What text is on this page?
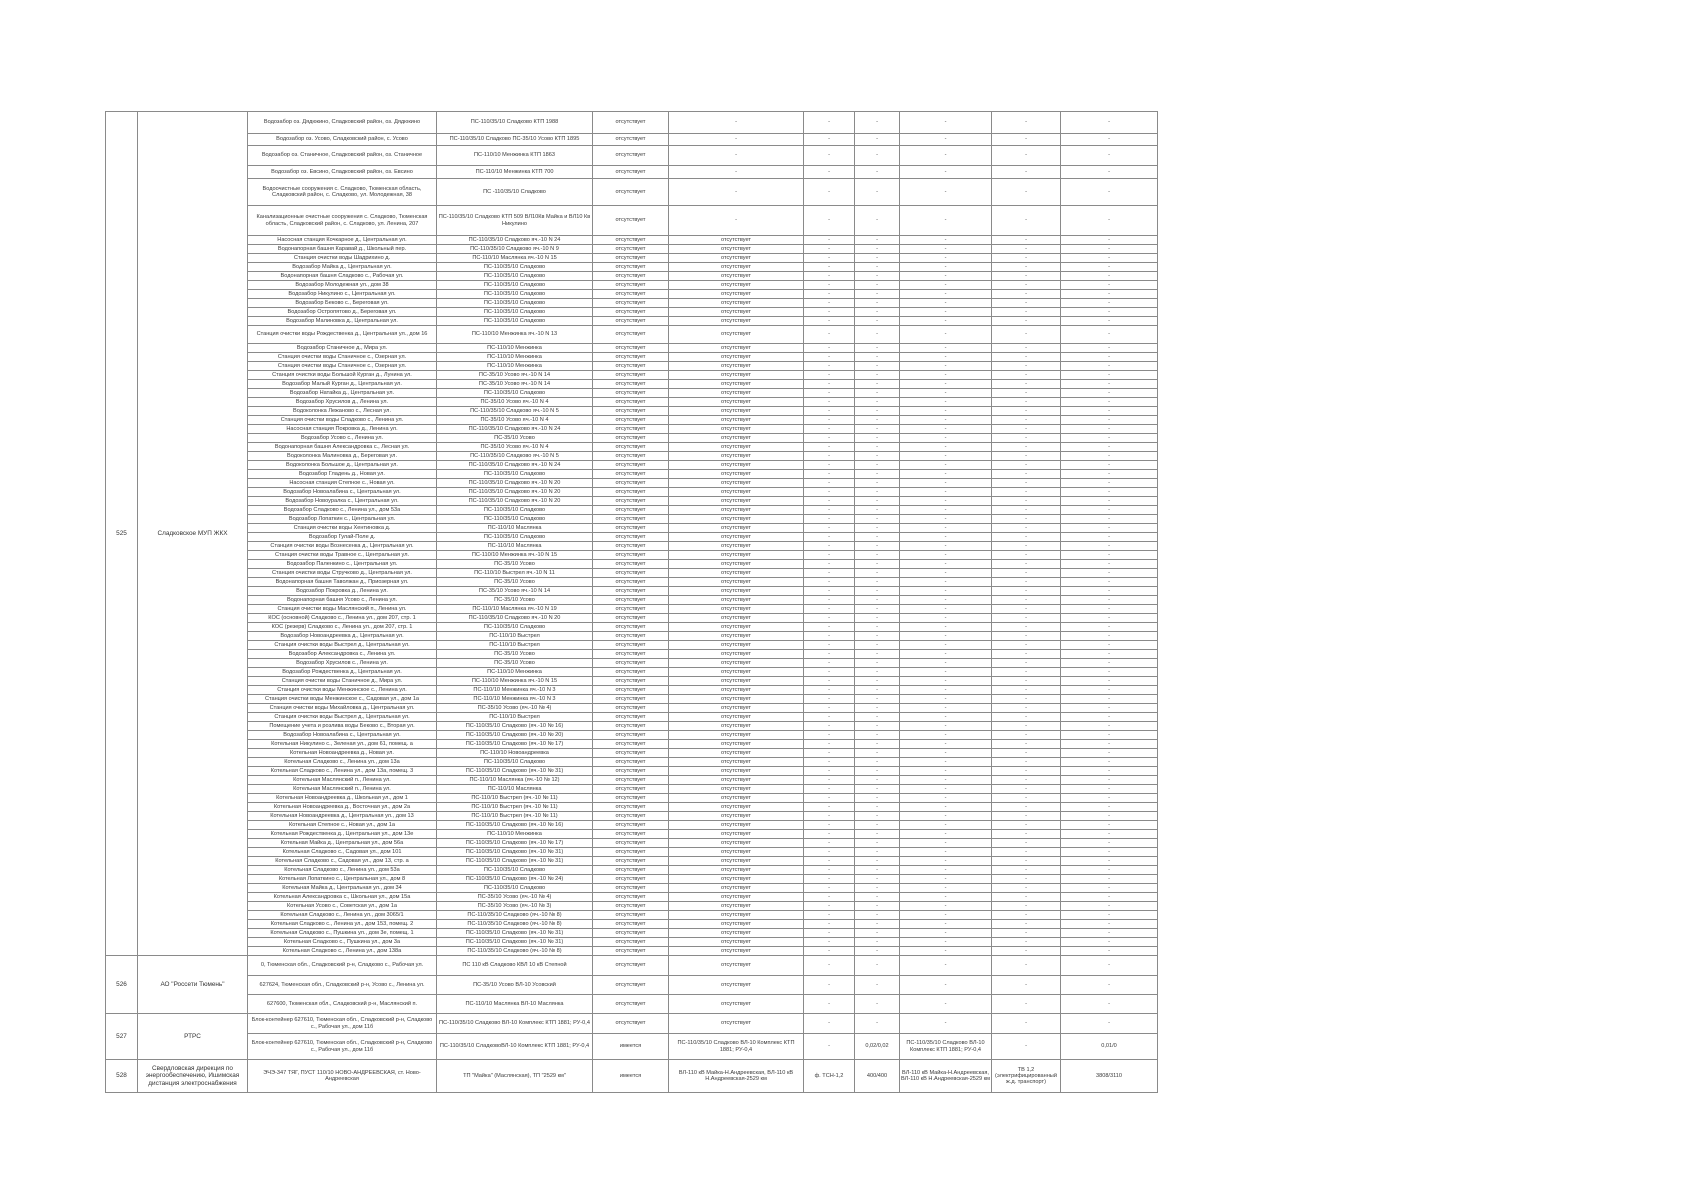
525	Сладковское МУП ЖКХ	Водозабор оз. Дядюкино, Сладковский район, оз. Дядюкино	ПС-110/35/10 Сладково КТП 1988	отсутствует	-	-	-	-	-	-
		Водозабор оз. Усово, Сладковский район, с. Усово	ПС-110/35/10 Сладково ПС-35/10 Усово КТП 1895	отсутствует	-	-	-	-	-	-
		Водозабор оз. Станичное, Сладковский район, оз. Станичное	ПС-110/10 Менжинка КТП 1863	отсутствует	-	-	-	-	-	-
		Водозабор оз. Евсино, Сладковский район, оз. Евсино	ПС-110/10 Менжинка КТП 700	отсутствует	-	-	-	-	-	-
		Водоочистные сооружения с. Сладково, Тюменская область, Сладковский район, с. Сладково, ул. Молодежная, 38	ПС -110/35/10 Сладково	отсутствует	-	-	-	-	-	-
		Канализационные очистные сооружения с. Сладково, Тюменская область, Сладковский район, с. Сладково, ул. Ленина, 207	ПС-110/35/10 Сладково КТП 509 ВЛ10Кв Майка и ВЛ10 Кв Никулино	отсутствует	-	-	-	-	-	-
		Насосная станция Кочкарное д., Центральная ул.	ПС-110/35/10 Сладково яч.-10 N 24	отсутствует	отсутствует	-	-	-	-	-
		Водонапорная башня Каравай д., Школьный пер.	ПС-110/35/10 Сладково яч.-10 N 9	отсутствует	отсутствует	-	-	-	-	-
		Станция очистки воды Шадрихино д.	ПС-110/10 Маслянка яч.-10 N 15	отсутствует	отсутствует	-	-	-	-	-
		Водозабор Майка д., Центральная ул.	ПС-110/35/10 Сладково	отсутствует	отсутствует	-	-	-	-	-
		Водонапорная башня Сладково с., Рабочая ул.	ПС-110/35/10 Сладково	отсутствует	отсутствует	-	-	-	-	-
		Водозабор Молодежная ул., дом 38	ПС-110/35/10 Сладково	отсутствует	отсутствует	-	-	-	-	-
		Водозабор Никулино с., Центральная ул.	ПС-110/35/10 Сладково	отсутствует	отсутствует	-	-	-	-	-
		Водозабор Беково с., Береговая ул.	ПС-110/35/10 Сладково	отсутствует	отсутствует	-	-	-	-	-
		Водозабор Остропятово д., Береговая ул.	ПС-110/35/10 Сладково	отсутствует	отсутствует	-	-	-	-	-
		Водозабор Малиновка д., Центральная ул.	ПС-110/35/10 Сладково	отсутствует	отсутствует	-	-	-	-	-
		Станция очистки воды Рождественка д., Центральная ул., дом 16	ПС-110/10 Менжинка яч.-10 N 13	отсутствует	отсутствует	-	-	-	-	-
		Водозабор Станичное д., Мира ул.	ПС-110/10 Менжинка	отсутствует	отсутствует	-	-	-	-	-
		Станция очистки воды Станичное с., Озерная ул.	ПС-110/10 Менжинка	отсутствует	отсутствует	-	-	-	-	-
		Станция очистки воды Станичное с., Озерная ул.	ПС-110/10 Менжинка	отсутствует	отсутствует	-	-	-	-	-
		Станция очистки воды Большой Курган д., Лунина ул.	ПС-35/10 Усово яч.-10 N 14	отсутствует	отсутствует	-	-	-	-	-
		Водозабор Малый Курган д., Центральная ул.	ПС-35/10 Усово яч.-10 N 14	отсутствует	отсутствует	-	-	-	-	-
		Водозабор Натайка д., Центральная ул.	ПС-110/35/10 Сладково	отсутствует	отсутствует	-	-	-	-	-
		Водозабор Хрусилов д., Ленина ул.	ПС-35/10 Усово яч.-10 N 4	отсутствует	отсутствует	-	-	-	-	-
		Водоколонка Лежаново с., Лесная ул.	ПС-110/35/10 Сладково яч.-10 N 5	отсутствует	отсутствует	-	-	-	-	-
		Станция очистки воды Сладково с., Ленина ул.	ПС-35/10 Усово яч.-10 N 4	отсутствует	отсутствует	-	-	-	-	-
		Насосная станция Покровка д., Ленина ул.	ПС-110/35/10 Сладково яч.-10 N 24	отсутствует	отсутствует	-	-	-	-	-
		Водозабор Усово с., Ленина ул.	ПС-35/10 Усово	отсутствует	отсутствует	-	-	-	-	-
		Водонапорная башня Александровка с., Лесная ул.	ПС-35/10 Усово яч.-10 N 4	отсутствует	отсутствует	-	-	-	-	-
		Водоколонка Малиновка д., Береговая ул.	ПС-110/35/10 Сладково яч.-10 N 5	отсутствует	отсутствует	-	-	-	-	-
		Водоколонка Большое д., Центральная ул.	ПС-110/35/10 Сладково яч.-10 N 24	отсутствует	отсутствует	-	-	-	-	-
		Водозабор Гладень д., Новая ул.	ПС-110/35/10 Сладково	отсутствует	отсутствует	-	-	-	-	-
		Насосная станция Степное с., Новая ул.	ПС-110/35/10 Сладково яч.-10 N 20	отсутствует	отсутствует	-	-	-	-	-
		Водозабор Новоалабина с., Центральная ул.	ПС-110/35/10 Сладково яч.-10 N 20	отсутствует	отсутствует	-	-	-	-	-
		Водозабор Новоуралка с., Центральная ул.	ПС-110/35/10 Сладково яч.-10 N 20	отсутствует	отсутствует	-	-	-	-	-
		Водозабор Сладково с., Ленина ул., дом 53а	ПС-110/35/10 Сладково	отсутствует	отсутствует	-	-	-	-	-
		Водозабор Лопаткин с., Центральная ул.	ПС-110/35/10 Сладково	отсутствует	отсутствует	-	-	-	-	-
		Станция очистки воды Хентиновка д.	ПС-110/10 Маслянка	отсутствует	отсутствует	-	-	-	-	-
		Водозабор Гулай-Поле д.	ПС-110/35/10 Сладково	отсутствует	отсутствует	-	-	-	-	-
		Станция очистки воды Вознесенка д., Центральная ул.	ПС-110/10 Маслянка	отсутствует	отсутствует	-	-	-	-	-
		Станция очистки воды Травное с., Центральная ул.	ПС-110/10 Менжинка яч.-10 N 15	отсутствует	отсутствует	-	-	-	-	-
		Водозабор Паленкино с., Центральная ул.	ПС-35/10 Усово	отсутствует	отсутствует	-	-	-	-	-
		Станция очистки воды Стручково д., Центральная ул.	ПС-110/10 Выстрел яч.-10 N 11	отсутствует	отсутствует	-	-	-	-	-
		Водонапорная башня Таволжан д., Приозерная ул.	ПС-35/10 Усово	отсутствует	отсутствует	-	-	-	-	-
		Водозабор Покровка д., Ленина ул.	ПС-35/10 Усово яч.-10 N 14	отсутствует	отсутствует	-	-	-	-	-
		Водонапорная башня Усово с., Ленина ул.	ПС-35/10 Усово	отсутствует	отсутствует	-	-	-	-	-
		Станция очистки воды Маслянский п., Ленина ул.	ПС-110/10 Маслянка яч.-10 N 19	отсутствует	отсутствует	-	-	-	-	-
		КОС (основной) Сладково с., Ленина ул., дом 207, стр. 1	ПС-110/35/10 Сладково яч.-10 N 20	отсутствует	отсутствует	-	-	-	-	-
		КОС (резерв) Сладково с., Ленина ул., дом 207, стр. 1	ПС-110/35/10 Сладково	отсутствует	отсутствует	-	-	-	-	-
		Водозабор Новоандреевка д., Центральная ул.	ПС-110/10 Выстрел	отсутствует	отсутствует	-	-	-	-	-
		Станция очистки воды Выстрел д., Центральная ул.	ПС-110/10 Выстрел	отсутствует	отсутствует	-	-	-	-	-
		Водозабор Александровка с., Ленина ул.	ПС-35/10 Усово	отсутствует	отсутствует	-	-	-	-	-
		Водозабор Хрусилов с., Ленина ул.	ПС-35/10 Усово	отсутствует	отсутствует	-	-	-	-	-
		Водозабор Рождественка д., Центральная ул.	ПС-110/10 Менжинка	отсутствует	отсутствует	-	-	-	-	-
		Станция очистки воды Станичное д., Мира ул.	ПС-110/10 Менжинка яч.-10 N 15	отсутствует	отсутствует	-	-	-	-	-
		Станция очистки воды Менжинское с., Ленина ул.	ПС-110/10 Менжинка яч.-10 N 3	отсутствует	отсутствует	-	-	-	-	-
		Станция очистки воды Менжинское с., Садовая ул., дом 1а	ПС-110/10 Менжинка яч.-10 N 3	отсутствует	отсутствует	-	-	-	-	-
		Станция очистки воды Михайловка д., Центральная ул.	ПС-35/10 Усово (яч.-10 № 4)	отсутствует	отсутствует	-	-	-	-	-
		Станция очистки воды Выстрел д., Центральная ул.	ПС-110/10 Выстрел	отсутствует	отсутствует	-	-	-	-	-
		Помещение учета и розлива воды Беково с., Вторая ул.	ПС-110/35/10 Сладково (яч.-10 № 16)	отсутствует	отсутствует	-	-	-	-	-
		Водозабор Новоалабина с., Центральная ул.	ПС-110/35/10 Сладково (яч.-10 № 20)	отсутствует	отсутствует	-	-	-	-	-
		Котельная Никулино с., Зеленая ул., дом 61, помещ. а	ПС-110/35/10 Сладково (яч.-10 № 17)	отсутствует	отсутствует	-	-	-	-	-
		Котельная Новоандреевка д., Новая ул.	ПС-110/10 Новоандреевка	отсутствует	отсутствует	-	-	-	-	-
		Котельная Сладково с., Ленина ул., дом 13а	ПС-110/35/10 Сладково	отсутствует	отсутствует	-	-	-	-	-
		Котельная Сладково с., Ленина ул., дом 13а, помещ. 3	ПС-110/35/10 Сладково (яч.-10 № 31)	отсутствует	отсутствует	-	-	-	-	-
		Котельная Маслянский п., Ленина ул.	ПС-110/10 Маслянка (яч.-10 № 12)	отсутствует	отсутствует	-	-	-	-	-
		Котельная Маслянский п., Ленина ул.	ПС-110/10 Маслянка	отсутствует	отсутствует	-	-	-	-	-
		Котельная Новоандреевка д., Школьная ул., дом 1	ПС-110/10 Выстрел (яч.-10 № 11)	отсутствует	отсутствует	-	-	-	-	-
		Котельная Новоандреевка д., Восточная ул., дом 2а	ПС-110/10 Выстрел (яч.-10 № 11)	отсутствует	отсутствует	-	-	-	-	-
		Котельная Новоандреевка д., Центральная ул., дом 13	ПС-110/10 Выстрел (яч.-10 № 11)	отсутствует	отсутствует	-	-	-	-	-
		Котельная Степное с., Новая ул., дом 1а	ПС-110/35/10 Сладково (яч.-10 № 16)	отсутствует	отсутствует	-	-	-	-	-
		Котельная Рождественка д., Центральная ул., дом 13е	ПС-110/10 Менжинка	отсутствует	отсутствует	-	-	-	-	-
		Котельная Майка д., Центральная ул., дом 56а	ПС-110/35/10 Сладково (яч.-10 № 17)	отсутствует	отсутствует	-	-	-	-	-
		Котельная Сладково с., Садовая ул., дом 101	ПС-110/35/10 Сладково (яч.-10 № 31)	отсутствует	отсутствует	-	-	-	-	-
		Котельная Сладково с., Садовая ул., дом 13, стр. а	ПС-110/35/10 Сладково (яч.-10 № 31)	отсутствует	отсутствует	-	-	-	-	-
		Котельная Сладково с., Ленина ул., дом 53а	ПС-110/35/10 Сладково	отсутствует	отсутствует	-	-	-	-	-
		Котельная Лопаткино с., Центральная ул., дом 8	ПС-110/35/10 Сладково (яч.-10 № 24)	отсутствует	отсутствует	-	-	-	-	-
		Котельная Майка д., Центральная ул., дом 34	ПС-110/35/10 Сладково	отсутствует	отсутствует	-	-	-	-	-
		Котельная Александровка с., Школьная ул., дом 15а	ПС-35/10 Усово (яч.-10 № 4)	отсутствует	отсутствует	-	-	-	-	-
		Котельная Усово с., Советская ул., дом 1а	ПС-35/10 Усово (яч.-10 № 3)	отсутствует	отсутствует	-	-	-	-	-
		Котельная Сладково с., Ленина ул., дом 3065/1	ПС-110/35/10 Сладково (яч.-10 № 8)	отсутствует	отсутствует	-	-	-	-	-
		Котельная Сладково с., Ленина ул., дом 153, помещ. 2	ПС-110/35/10 Сладково (яч.-10 № 8)	отсутствует	отсутствует	-	-	-	-	-
		Котельная Сладково с., Пушкина ул., дом 3е, помещ. 1	ПС-110/35/10 Сладково (яч.-10 № 31)	отсутствует	отсутствует	-	-	-	-	-
		Котельная Сладково с., Пушкина ул., дом 3а	ПС-110/35/10 Сладково (яч.-10 № 31)	отсутствует	отсутствует	-	-	-	-	-
		Котельная Сладково с., Ленина ул., дом 138а	ПС-110/35/10 Сладково (яч.-10 № 8)	отсутствует	отсутствует	-	-	-	-	-
526	АО "Россети Тюмень"	0, Тюменская обл., Сладковский р-н, Сладково с., Рабочая ул.	ПС 110 кВ Сладково КВЛ 10 кВ Степной	отсутствует	отсутствует	-	-	-	-	-
		627624, Тюменская обл., Сладковский р-н, Усово с., Ленина ул.	ПС-35/10 Усово ВЛ-10 Усовский	отсутствует	отсутствует	-	-	-	-	-
		627600, Тюменская обл., Сладковский р-н, Маслянский п.	ПС-110/10 Маслянка ВЛ-10 Маслянка	отсутствует	отсутствует	-	-	-	-	-
527	РТРС	Блок-контейнер 627610, Тюменская обл., Сладковский р-н, Сладково с., Рабочая ул., дом 11б	ПС-110/35/10 Сладково ВЛ-10 Комплекс КТП 1881; РУ-0,4	отсутствует	отсутствует	-	-	-	-	-
		Блок-контейнер 627610, Тюменская обл., Сладковский р-н, Сладково с., Рабочая ул., дом 11б	ПС-110/35/10 СладковоВЛ-10 Комплекс КТП 1881; РУ-0,4	имеется	ПС-110/35/10 Сладково ВЛ-10 Комплекс КТП 1881; РУ-0,4	-	0,02/0,02	ПС-110/35/10 Сладково ВЛ-10 Комплекс КТП 1881; РУ-0,4	-	0,01/0
528	Свердловская дирекция по энергообеспечению, Ишимская дистанция электроснабжения	ЭЧЭ-347 ТЯГ, ПУСТ 110/10 НОВО-АНДРЕЕВСКАЯ, ст. Ново-Андреевская	ТП "Майка" (Маслянская), ТП "2529 км"	имеется	ВЛ-110 кВ Майка-Н.Андреевская, ВЛ-110 кВ Н.Андреевская-2529 км	ф. ТСН-1,2	400/400	ВЛ-110 кВ Майка-Н.Андреевская, ВЛ-110 кВ Н.Андреевская-2529 км	ТВ 1,2 (электрифицированный ж.д. транспорт)	3808/3110
